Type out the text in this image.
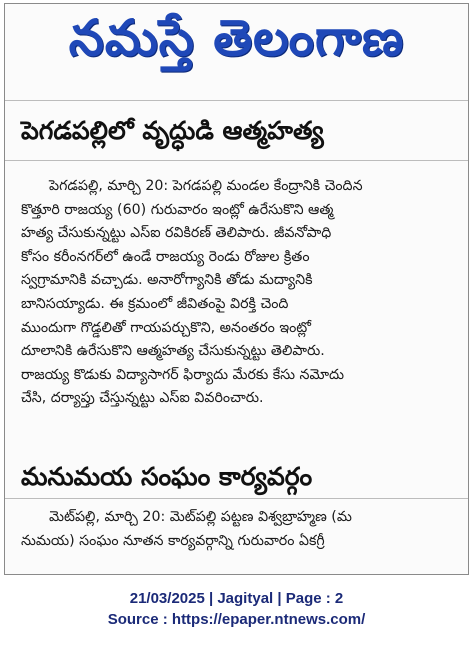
నమస్తే తెలంగాణ
పెగడపల్లిలో వృద్ధుడి ఆత్మహత్య
పెగడపల్లి, మార్చి 20: పెగడపల్లి మండల కేంద్రానికి చెందిన
కొత్తూరి రాజయ్య (60) గురువారం ఇంట్లో ఉరేసుకొని ఆత్మ
హత్య చేసుకున్నట్టు ఎస్ఐ రవికిరణ్ తెలిపారు. జీవనోపాధి
కోసం కరీంనగర్‌లో ఉండే రాజయ్య రెండు రోజుల క్రితం
స్వగ్రామానికి వచ్చాడు. అనారోగ్యానికి తోడు మద్యానికి
బానిసయ్యాడు. ఈ క్రమంలో జీవితంపై విరక్తి చెంది
ముందుగా గొడ్డలితో గాయపర్చుకొని, అనంతరం ఇంట్లో
దూలానికి ఉరేసుకొని ఆత్మహత్య చేసుకున్నట్టు తెలిపారు.
రాజయ్య కొడుకు విద్యాసాగర్ ఫిర్యాదు మేరకు కేసు నమోదు
చేసి, దర్యాప్తు చేస్తున్నట్టు ఎస్ఐ వివరించారు.
మనుమయ సంఘం కార్యవర్గం
మెట్‌పల్లి, మార్చి 20: మెట్‌పల్లి పట్టణ విశ్వబ్రాహ్మణ (మ
నుమయ) సంఘం నూతన కార్యవర్గాన్ని గురువారం ఏకగ్రీ
21/03/2025 | Jagityal | Page : 2
Source : https://epaper.ntnews.com/
